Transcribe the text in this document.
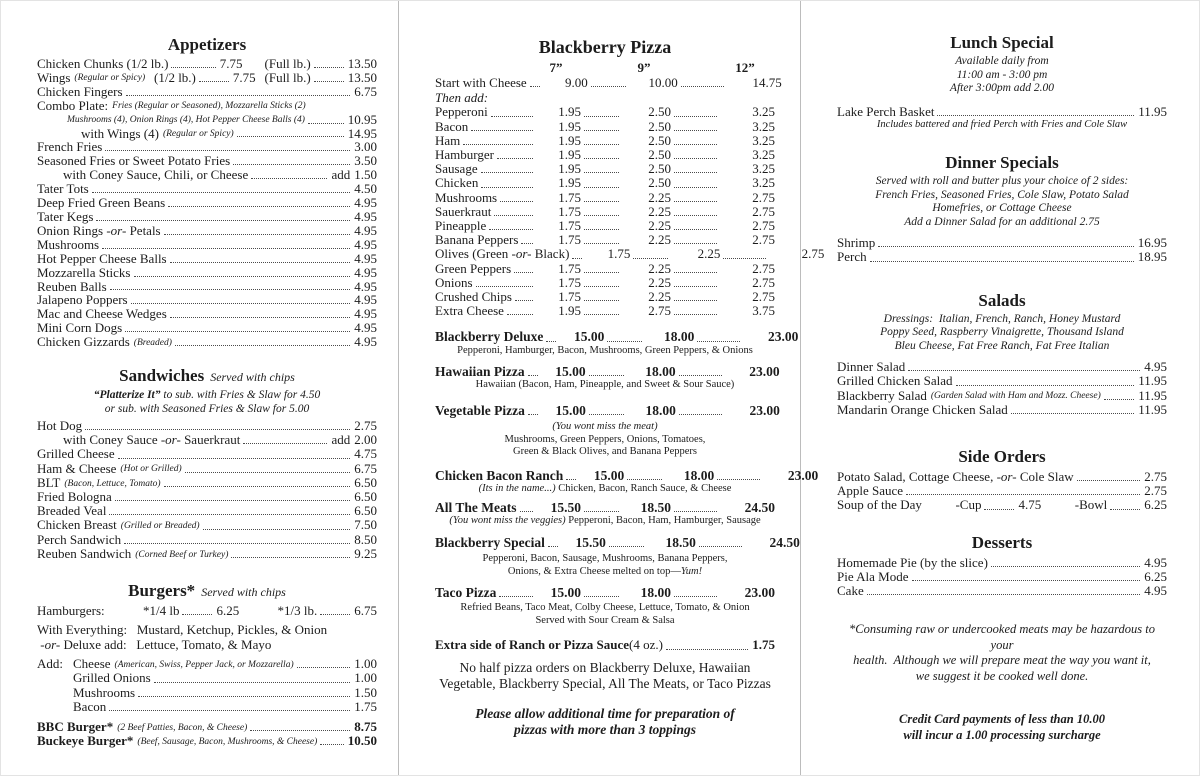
Appetizers
Chicken Chunks (1/2 lb.)	7.75 (Full lb.)	13.50
Wings (Regular or Spicy) (1/2 lb.)	7.75 (Full lb.)	13.50
Chicken Fingers	6.75
Combo Plate: Fries (Regular or Seasoned), Mozzarella Sticks (2)
Mushrooms (4), Onion Rings (4), Hot Pepper Cheese Balls (4)	10.95
with Wings (4) (Regular or Spicy)	14.95
French Fries	3.00
Seasoned Fries or Sweet Potato Fries	3.50
with Coney Sauce, Chili, or Cheese	add 1.50
Tater Tots	4.50
Deep Fried Green Beans	4.95
Tater Kegs	4.95
Onion Rings -or- Petals	4.95
Mushrooms	4.95
Hot Pepper Cheese Balls	4.95
Mozzarella Sticks	4.95
Reuben Balls	4.95
Jalapeno Poppers	4.95
Mac and Cheese Wedges	4.95
Mini Corn Dogs	4.95
Chicken Gizzards (Breaded)	4.95
Sandwiches Served with chips
“Platterize It” to sub. with Fries & Slaw for 4.50
or sub. with Seasoned Fries & Slaw for 5.00
Hot Dog	2.75
with Coney Sauce -or- Sauerkraut	add 2.00
Grilled Cheese	4.75
Ham & Cheese (Hot or Grilled)	6.75
BLT (Bacon, Lettuce, Tomato)	6.50
Fried Bologna	6.50
Breaded Veal	6.50
Chicken Breast (Grilled or Breaded)	7.50
Perch Sandwich	8.50
Reuben Sandwich (Corned Beef or Turkey)	9.25
Burgers* Served with chips
Hamburgers:	*1/4 lb	6.25	*1/3 lb.	6.75
With Everything:   Mustard, Ketchup, Pickles, & Onion
-or- Deluxe add:   Lettuce, Tomato, & Mayo
Add: Cheese (American, Swiss, Pepper Jack, or Mozzarella)	1.00
Grilled Onions	1.00
Mushrooms	1.50
Bacon	1.75
BBC Burger* (2 Beef Patties, Bacon, & Cheese)	8.75
Buckeye Burger* (Beef, Sausage, Bacon, Mushrooms, & Cheese) 10.50
Blackberry Pizza
7”	9”	12”
Start with Cheese	9.00	10.00	14.75
Then add:
Pepperoni	1.95	2.50	3.25
Bacon	1.95	2.50	3.25
Ham	1.95	2.50	3.25
Hamburger	1.95	2.50	3.25
Sausage	1.95	2.50	3.25
Chicken	1.95	2.50	3.25
Mushrooms	1.75	2.25	2.75
Sauerkraut	1.75	2.25	2.75
Pineapple	1.75	2.25	2.75
Banana Peppers	1.75	2.25	2.75
Olives (Green -or- Black)	1.75	2.25	2.75
Green Peppers	1.75	2.25	2.75
Onions	1.75	2.25	2.75
Crushed Chips	1.75	2.25	2.75
Extra Cheese	1.95	2.75	3.75
Blackberry Deluxe	15.00	18.00	23.00
Pepperoni, Hamburger, Bacon, Mushrooms, Green Peppers, & Onions
Hawaiian Pizza	15.00	18.00	23.00
Hawaiian (Bacon, Ham, Pineapple, and Sweet & Sour Sauce)
Vegetable Pizza	15.00	18.00	23.00
(You wont miss the meat)
Mushrooms, Green Peppers, Onions, Tomatoes,
Green & Black Olives, and Banana Peppers
Chicken Bacon Ranch	15.00	18.00	23.00
(Its in the name...) Chicken, Bacon, Ranch Sauce, & Cheese
All The Meats	15.50	18.50	24.50
(You wont miss the veggies) Pepperoni, Bacon, Ham, Hamburger, Sausage
Blackberry Special	15.50	18.50	24.50
Pepperoni, Bacon, Sausage, Mushrooms, Banana Peppers,
Onions, & Extra Cheese melted on top—Yum!
Taco Pizza	15.00	18.00	23.00
Refried Beans, Taco Meat, Colby Cheese, Lettuce, Tomato, & Onion
Served with Sour Cream & Salsa
Extra side of Ranch or Pizza Sauce (4 oz.)	1.75
No half pizza orders on Blackberry Deluxe, Hawaiian
Vegetable, Blackberry Special, All The Meats, or Taco Pizzas
Please allow additional time for preparation of
pizzas with more than 3 toppings
Lunch Special
Available daily from
11:00 am - 3:00 pm
After 3:00pm add 2.00
Lake Perch Basket	11.95
Includes battered and fried Perch with Fries and Cole Slaw
Dinner Specials
Served with roll and butter plus your choice of 2 sides:
French Fries, Seasoned Fries, Cole Slaw, Potato Salad
Homefries, or Cottage Cheese
Add a Dinner Salad for an additional 2.75
Shrimp	16.95
Perch	18.95
Salads
Dressings:  Italian, French, Ranch, Honey Mustard
Poppy Seed, Raspberry Vinaigrette, Thousand Island
Bleu Cheese, Fat Free Ranch, Fat Free Italian
Dinner Salad	4.95
Grilled Chicken Salad	11.95
Blackberry Salad (Garden Salad with Ham and Mozz. Cheese)	11.95
Mandarin Orange Chicken Salad	11.95
Side Orders
Potato Salad, Cottage Cheese, -or- Cole Slaw	2.75
Apple Sauce	2.75
Soup of the Day	-Cup	4.75	-Bowl	6.25
Desserts
Homemade Pie (by the slice)	4.95
Pie Ala Mode	6.25
Cake	4.95
*Consuming raw or undercooked meats may be hazardous to your
health.  Although we will prepare meat the way you want it,
we suggest it be cooked well done.
Credit Card payments of less than 10.00
will incur a 1.00 processing surcharge
